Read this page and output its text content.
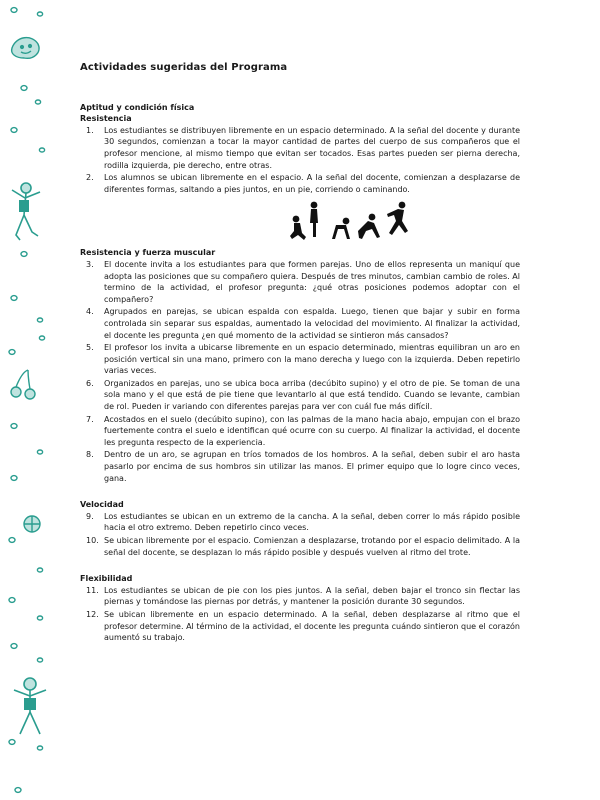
Actividades sugeridas del Programa
Aptitud y condición física
Resistencia
1. Los estudiantes se distribuyen libremente en un espacio determinado. A la señal del docente y durante 30 segundos, comienzan a tocar la mayor cantidad de partes del cuerpo de sus compañeros que el profesor mencione, al mismo tiempo que evitan ser tocados. Esas partes pueden ser pierna derecha, rodilla izquierda, pie derecho, entre otras.
2. Los alumnos se ubican libremente en el espacio. A la señal del docente, comienzan a desplazarse de diferentes formas, saltando a pies juntos, en un pie, corriendo o caminando.
Resistencia y fuerza muscular
3. El docente invita a los estudiantes para que formen parejas. Uno de ellos representa un maniquí que adopta las posiciones que su compañero quiera. Después de tres minutos, cambian cambio de roles. Al termino de la actividad, el profesor pregunta: ¿qué otras posiciones podemos adoptar con el compañero?
4. Agrupados en parejas, se ubican espalda con espalda. Luego, tienen que bajar y subir en forma controlada sin separar sus espaldas, aumentado la velocidad del movimiento. Al finalizar la actividad, el docente les pregunta ¿en qué momento de la actividad se sintieron más cansados?
5. El profesor los invita a ubicarse libremente en un espacio determinado, mientras equilibran un aro en posición vertical sin una mano, primero con la mano derecha y luego con la izquierda. Deben repetirlo varias veces.
6. Organizados en parejas, uno se ubica boca arriba (decúbito supino) y el otro de pie. Se toman de una sola mano y el que está de pie tiene que levantarlo al que está tendido. Cuando se levante, cambian de rol. Pueden ir variando con diferentes parejas para ver con cuál fue más difícil.
7. Acostados en el suelo (decúbito supino), con las palmas de la mano hacia abajo, empujan con el brazo fuertemente contra el suelo e identifican qué ocurre con su cuerpo. Al finalizar la actividad, el docente les pregunta respecto de la experiencia.
8. Dentro de un aro, se agrupan en tríos tomados de los hombros. A la señal, deben subir el aro hasta pasarlo por encima de sus hombros sin utilizar las manos. El primer equipo que lo logre cinco veces, gana.
Velocidad
9. Los estudiantes se ubican en un extremo de la cancha. A la señal, deben correr lo más rápido posible hacia el otro extremo. Deben repetirlo cinco veces.
10. Se ubican libremente por el espacio. Comienzan a desplazarse, trotando por el espacio delimitado. A la señal del docente, se desplazan lo más rápido posible y después vuelven al ritmo del trote.
Flexibilidad
11. Los estudiantes se ubican de pie con los pies juntos. A la señal, deben bajar el tronco sin flectar las piernas y tomándose las piernas por detrás, y mantener la posición durante 30 segundos.
12. Se ubican libremente en un espacio determinado. A la señal, deben desplazarse al ritmo que el profesor determine. Al término de la actividad, el docente les pregunta cuándo sintieron que el corazón aumentó su trabajo.
